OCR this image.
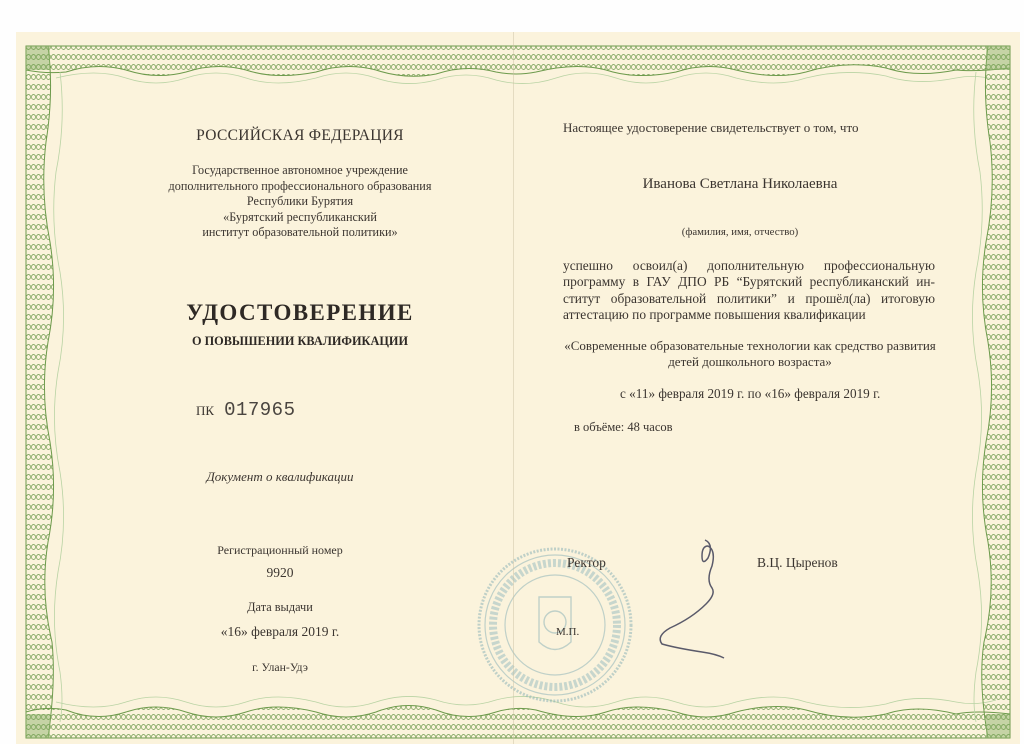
РОССИЙСКАЯ ФЕДЕРАЦИЯ
Государственное автономное учреждение
дополнительного профессионального образования
Республики Бурятия
«Бурятский республиканский
институт образовательной политики»
УДОСТОВЕРЕНИЕ
О ПОВЫШЕНИИ КВАЛИФИКАЦИИ
ПК 017965
Документ о квалификации
Регистрационный номер
9920
Дата выдачи
«16» февраля 2019 г.
г. Улан-Удэ
Настоящее удостоверение свидетельствует о том, что
Иванова Светлана Николаевна
(фамилия, имя, отчество)
успешно освоил(а) дополнительную профессиональную
программу в ГАУ ДПО РБ “Бурятский республиканский ин-
ститут образовательной политики” и прошёл(ла) итоговую
аттестацию по программе повышения квалификации
«Современные образовательные технологии как средство развития
детей дошкольного возраста»
с «11» февраля 2019 г. по «16» февраля 2019 г.
в объёме: 48 часов
Ректор	В.Ц. Цыренов
М.П.
